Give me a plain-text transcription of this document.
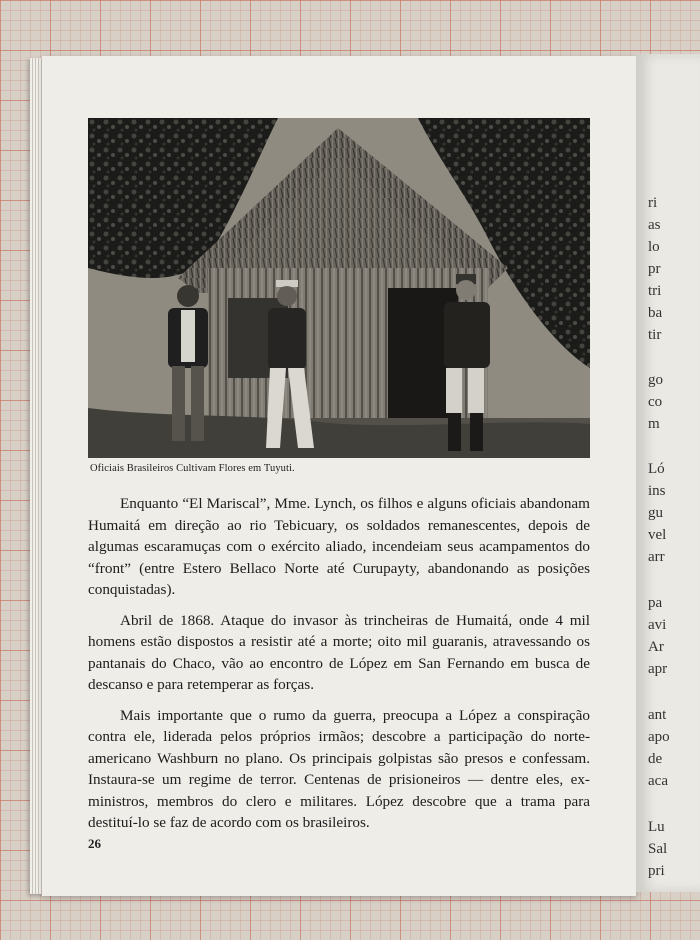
Oficiais Brasileiros Cultivam Flores em Tuyuti.

Enquanto “El Mariscal”, Mme. Lynch, os filhos e alguns oficiais abandonam Humaitá em direção ao rio Tebicuary, os soldados remanescentes, depois de algumas escaramuças com o exército aliado, incendeiam seus acampamentos do “front” (entre Estero Bellaco Norte até Curupayty, abandonando as posições conquistadas).

Abril de 1868. Ataque do invasor às trincheiras de Humaitá, onde 4 mil homens estão dispostos a resistir até a morte; oito mil guaranis, atravessando os pantanais do Chaco, vão ao encontro de López em San Fernando em busca de descanso e para retemperar as forças.

Mais importante que o rumo da guerra, preocupa a López a conspiração contra ele, liderada pelos próprios irmãos; descobre a participação do norte-americano Washburn no plano. Os principais golpistas são presos e confessam. Instaura-se um regime de terror. Centenas de prisioneiros — dentre eles, ex-ministros, membros do clero e militares. López descobre que a trama para destituí-lo se faz de acordo com os brasileiros.

26
ri
as
lo
pr
tri
ba
tir
go
co
m
Ló
ins
gu
vel
arr
pa
avi
Ar
apr
ant
apo
de
aca
Lu
Sal
pri
